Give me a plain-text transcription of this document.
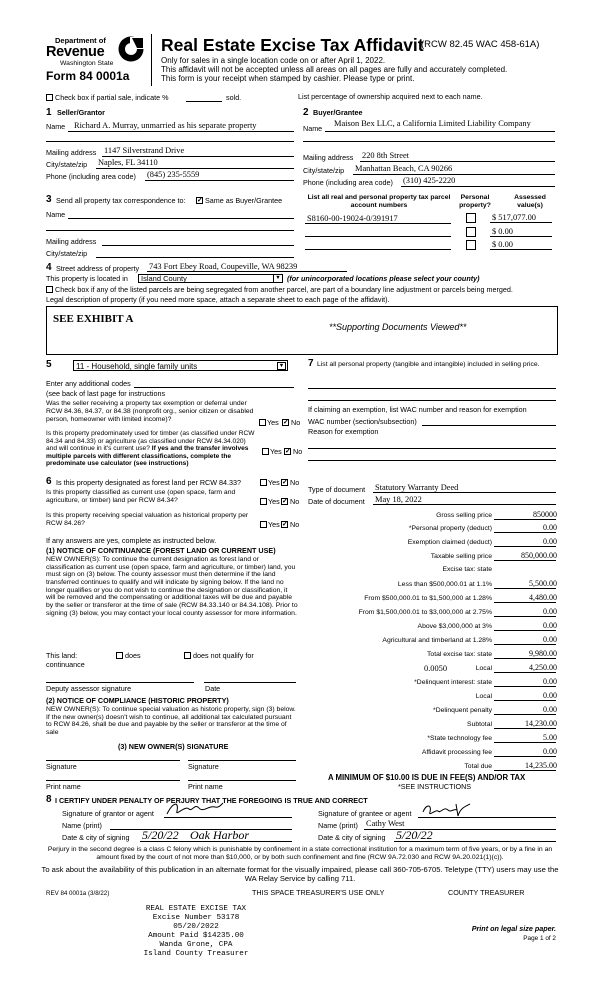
Department of
Revenue
Washington State
Form 84 0001a
Real Estate Excise Tax Affidavit
(RCW 82.45 WAC 458-61A)
Only for sales in a single location code on or after April 1, 2022.
This affidavit will not be accepted unless all areas on all pages are fully and accurately completed.
This form is your receipt when stamped by cashier. Please type or print.
Check box if partial sale, indicate %	sold.	List percentage of ownership acquired next to each name.
1 Seller/Grantor
Name Richard A. Murray, unmarried as his separate property
Mailing address 1147 Silverstrand Drive
City/state/zip Naples, FL 34110
Phone (including area code) (845) 235-5559
2 Buyer/Grantee
Name
Maison Bex LLC, a California Limited Liability Company
Mailing address 220 8th Street
City/state/zip Manhattan Beach, CA 90266
Phone (including area code) (310) 425-2220
3 Send all property tax correspondence to: ✓ Same as Buyer/Grantee
Name
Mailing address
City/state/zip
List all real and personal property tax parcel account numbers
Personal property?
Assessed value(s)
S8160-00-19024-0/391917	$ 517,077.00
$ 0.00
$ 0.00
4 Street address of property 743 Fort Ebey Road, Coupeville, WA 98239
This property is located in Island County	▼ (for unincorporated locations please select your county)
Check box if any of the listed parcels are being segregated from another parcel, are part of a boundary line adjustment or parcels being merged.
Legal description of property (if you need more space, attach a separate sheet to each page of the affidavit).
SEE EXHIBIT A
**Supporting Documents Viewed**
5	11 - Household, single family units	▼
Enter any additional codes
(see back of last page for instructions
Was the seller receiving a property tax exemption or deferral under RCW 84.36, 84.37, or 84.38 (nonprofit org., senior citizen or disabled person, homeowner with limited income)?	Yes ✓ No
Is this property predominately used for timber (as classified under RCW 84.34 and 84.33) or agriculture (as classified under RCW 84.34.020) and will continue in it's current use? If yes and the transfer involves multiple parcels with different classifications, complete the predominate use calculator (see instructions)
Yes ✓ No
6 Is this property designated as forest land per RCW 84.33?	Yes ✓ No
Is this property classified as current use (open space, farm and agriculture, or timber) land per RCW 84.34?	Yes ✓ No
Is this property receiving special valuation as historical property per RCW 84.26?	Yes ✓ No
If any answers are yes, complete as instructed below.
(1) NOTICE OF CONTINUANCE (FOREST LAND OR CURRENT USE)
NEW OWNER(S): To continue the current designation as forest land or classification as current use (open space, farm and agriculture, or timber) land, you must sign on (3) below. The county assessor must then determine if the land transferred continues to qualify and will indicate by signing below. If the land no longer qualifies or you do not wish to continue the designation or classification, it will be removed and the compensating or additional taxes will be due and payable by the seller or transferor at the time of sale (RCW 84.33.140 or 84.34.108). Prior to signing (3) below, you may contact your local county assessor for more information.
This land:	does	does not qualify for
continuance
Deputy assessor signature	Date
(2) NOTICE OF COMPLIANCE (HISTORIC PROPERTY)
NEW OWNER(S): To continue special valuation as historic property, sign (3) below. If the new owner(s) doesn't wish to continue, all additional tax calculated pursuant to RCW 84.26, shall be due and payable by the seller or transferor at the time of sale
(3) NEW OWNER(S) SIGNATURE
Signature	Signature
Print name	Print name
7 List all personal property (tangible and intangible) included in selling price.
If claiming an exemption, list WAC number and reason for exemption
WAC number (section/subsection)
Reason for exemption
Type of document Statutory Warranty Deed
Date of document May 18, 2022
Gross selling price	850000
*Personal property (deduct)	0.00
Exemption claimed (deduct)	0.00
Taxable selling price	850,000.00
Excise tax: state
Less than $500,000.01 at 1.1%	5,500.00
From $500,000.01 to $1,500,000 at 1.28%	4,480.00
From $1,500,000.01 to $3,000,000 at 2.75%	0.00
Above $3,000,000 at 3%	0.00
Agricultural and timberland at 1.28%	0.00
Total excise tax: state	9,980.00
0.0050	Local	4,250.00
*Delinquent interest: state	0.00
Local	0.00
*Delinquent penalty	0.00
Subtotal	14,230.00
*State technology fee	5.00
Affidavit processing fee	0.00
Total due	14,235.00
A MINIMUM OF $10.00 IS DUE IN FEE(S) AND/OR TAX
*SEE INSTRUCTIONS
8 I CERTIFY UNDER PENALTY OF PERJURY THAT THE FOREGOING IS TRUE AND CORRECT
Signature of grantor or agent
Name (print)
Date & city of signing 5/20/22 Oak Harbor
Signature of grantee or agent
Name (print) Cathy West
Date & city of signing 5/20/22
Perjury in the second degree is a class C felony which is punishable by confinement in a state correctional institution for a maximum term of five years, or by a fine in an amount fixed by the court of not more than $10,000, or by both such confinement and fine (RCW 9A.72.030 and RCW 9A.20.021(1)(c)).
To ask about the availability of this publication in an alternate format for the visually impaired, please call 360-705-6705. Teletype (TTY) users may use the WA Relay Service by calling 711.
REV 84 0001a (3/8/22)	THIS SPACE TREASURER'S USE ONLY	COUNTY TREASURER
REAL ESTATE EXCISE TAX
Excise Number 53178
05/20/2022
Amount Paid $14235.00
Wanda Grone, CPA
Island County Treasurer
Print on legal size paper.
Page 1 of 2
